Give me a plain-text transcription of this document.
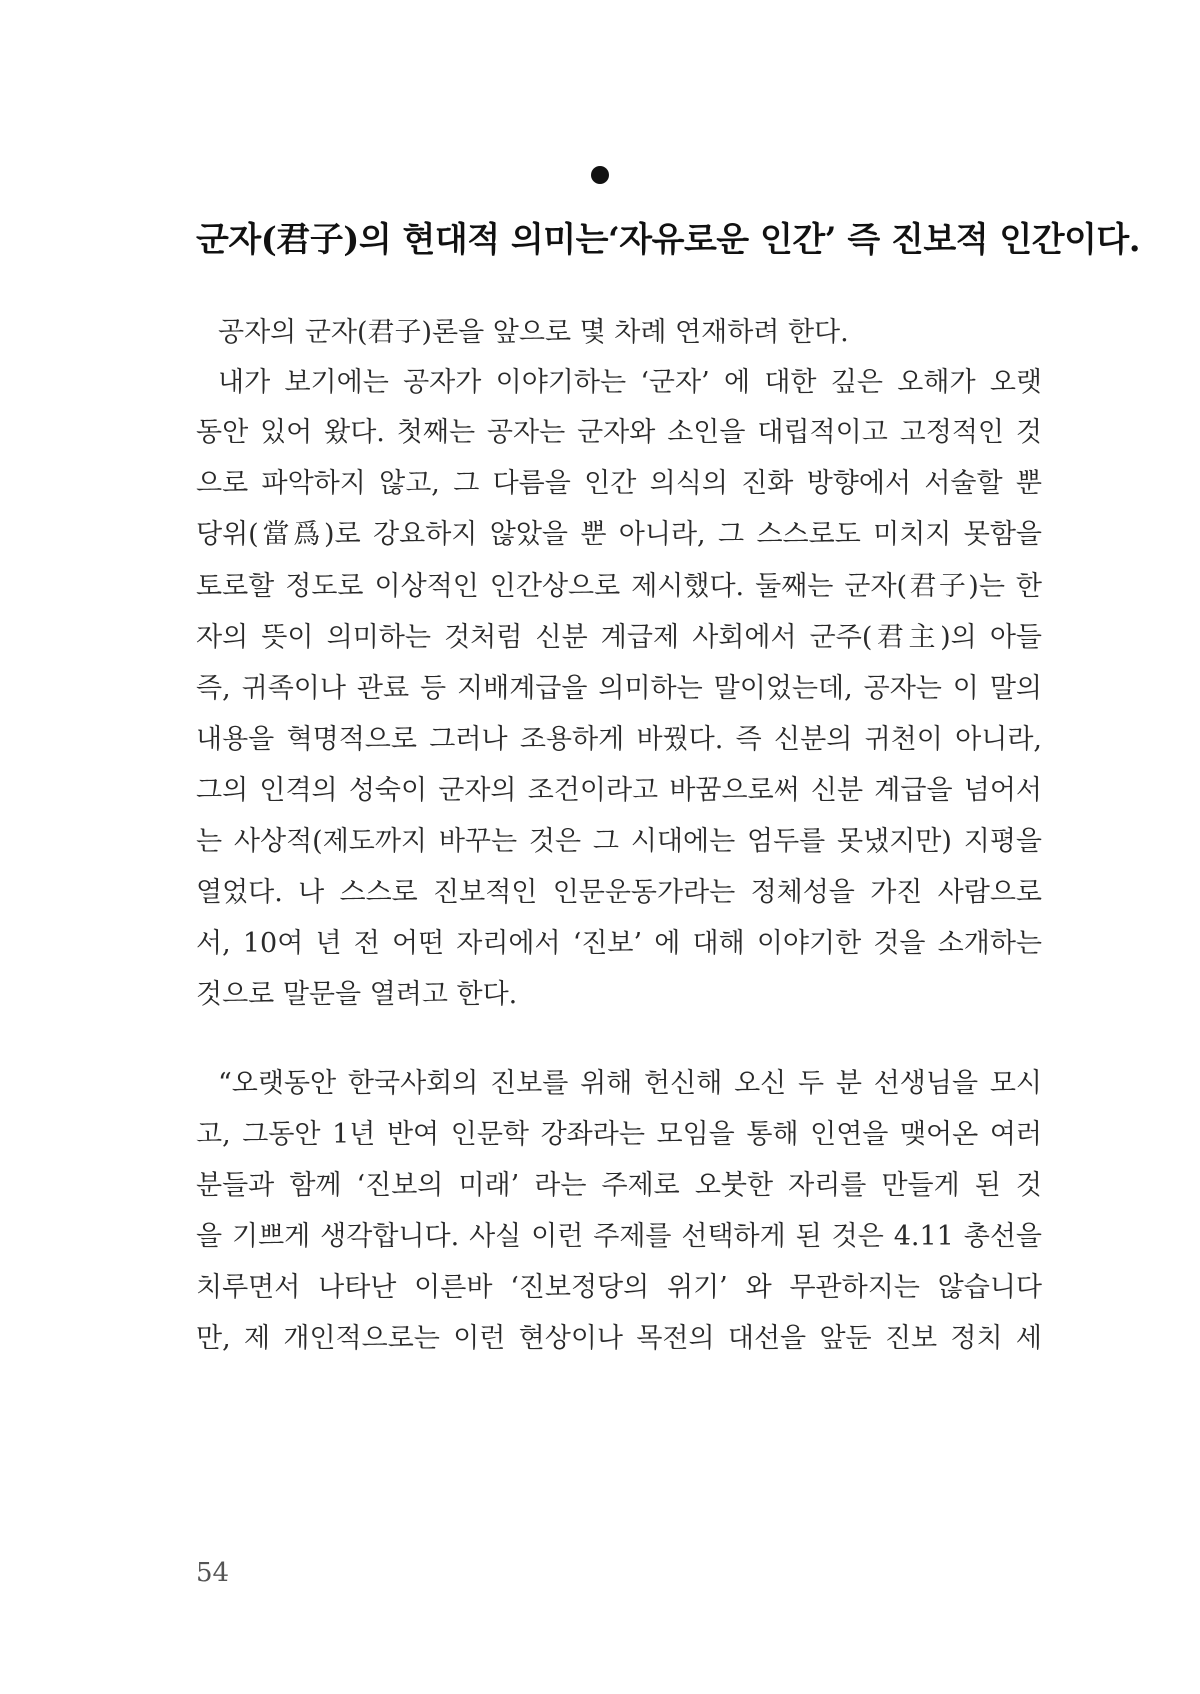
군자(君子)의 현대적 의미는‘자유로운 인간’ 즉 진보적 인간이다.

공자의 군자(君子)론을 앞으로 몇 차례 연재하려 한다.

내가 보기에는 공자가 이야기하는 ‘군자’ 에 대한 깊은 오해가 오랫

동안 있어 왔다. 첫째는 공자는 군자와 소인을 대립적이고 고정적인 것

으로 파악하지 않고, 그 다름을 인간 의식의 진화 방향에서 서술할 뿐

당위(當爲)로 강요하지 않았을 뿐 아니라, 그 스스로도 미치지 못함을

토로할 정도로 이상적인 인간상으로 제시했다. 둘째는 군자(君子)는 한

자의 뜻이 의미하는 것처럼 신분 계급제 사회에서 군주(君主)의 아들

즉, 귀족이나 관료 등 지배계급을 의미하는 말이었는데, 공자는 이 말의

내용을 혁명적으로 그러나 조용하게 바꿨다. 즉 신분의 귀천이 아니라,

그의 인격의 성숙이 군자의 조건이라고 바꿈으로써 신분 계급을 넘어서

는 사상적(제도까지 바꾸는 것은 그 시대에는 엄두를 못냈지만) 지평을

열었다. 나 스스로 진보적인 인문운동가라는 정체성을 가진 사람으로

서, 10여 년 전 어떤 자리에서 ‘진보’ 에 대해 이야기한 것을 소개하는

것으로 말문을 열려고 한다.

“오랫동안 한국사회의 진보를 위해 헌신해 오신 두 분 선생님을 모시

고, 그동안 1년 반여 인문학 강좌라는 모임을 통해 인연을 맺어온 여러

분들과 함께 ‘진보의 미래’ 라는 주제로 오붓한 자리를 만들게 된 것

을 기쁘게 생각합니다. 사실 이런 주제를 선택하게 된 것은 4.11 총선을

치루면서 나타난 이른바 ‘진보정당의 위기’ 와 무관하지는 않습니다

만, 제 개인적으로는 이런 현상이나 목전의 대선을 앞둔 진보 정치 세

54
